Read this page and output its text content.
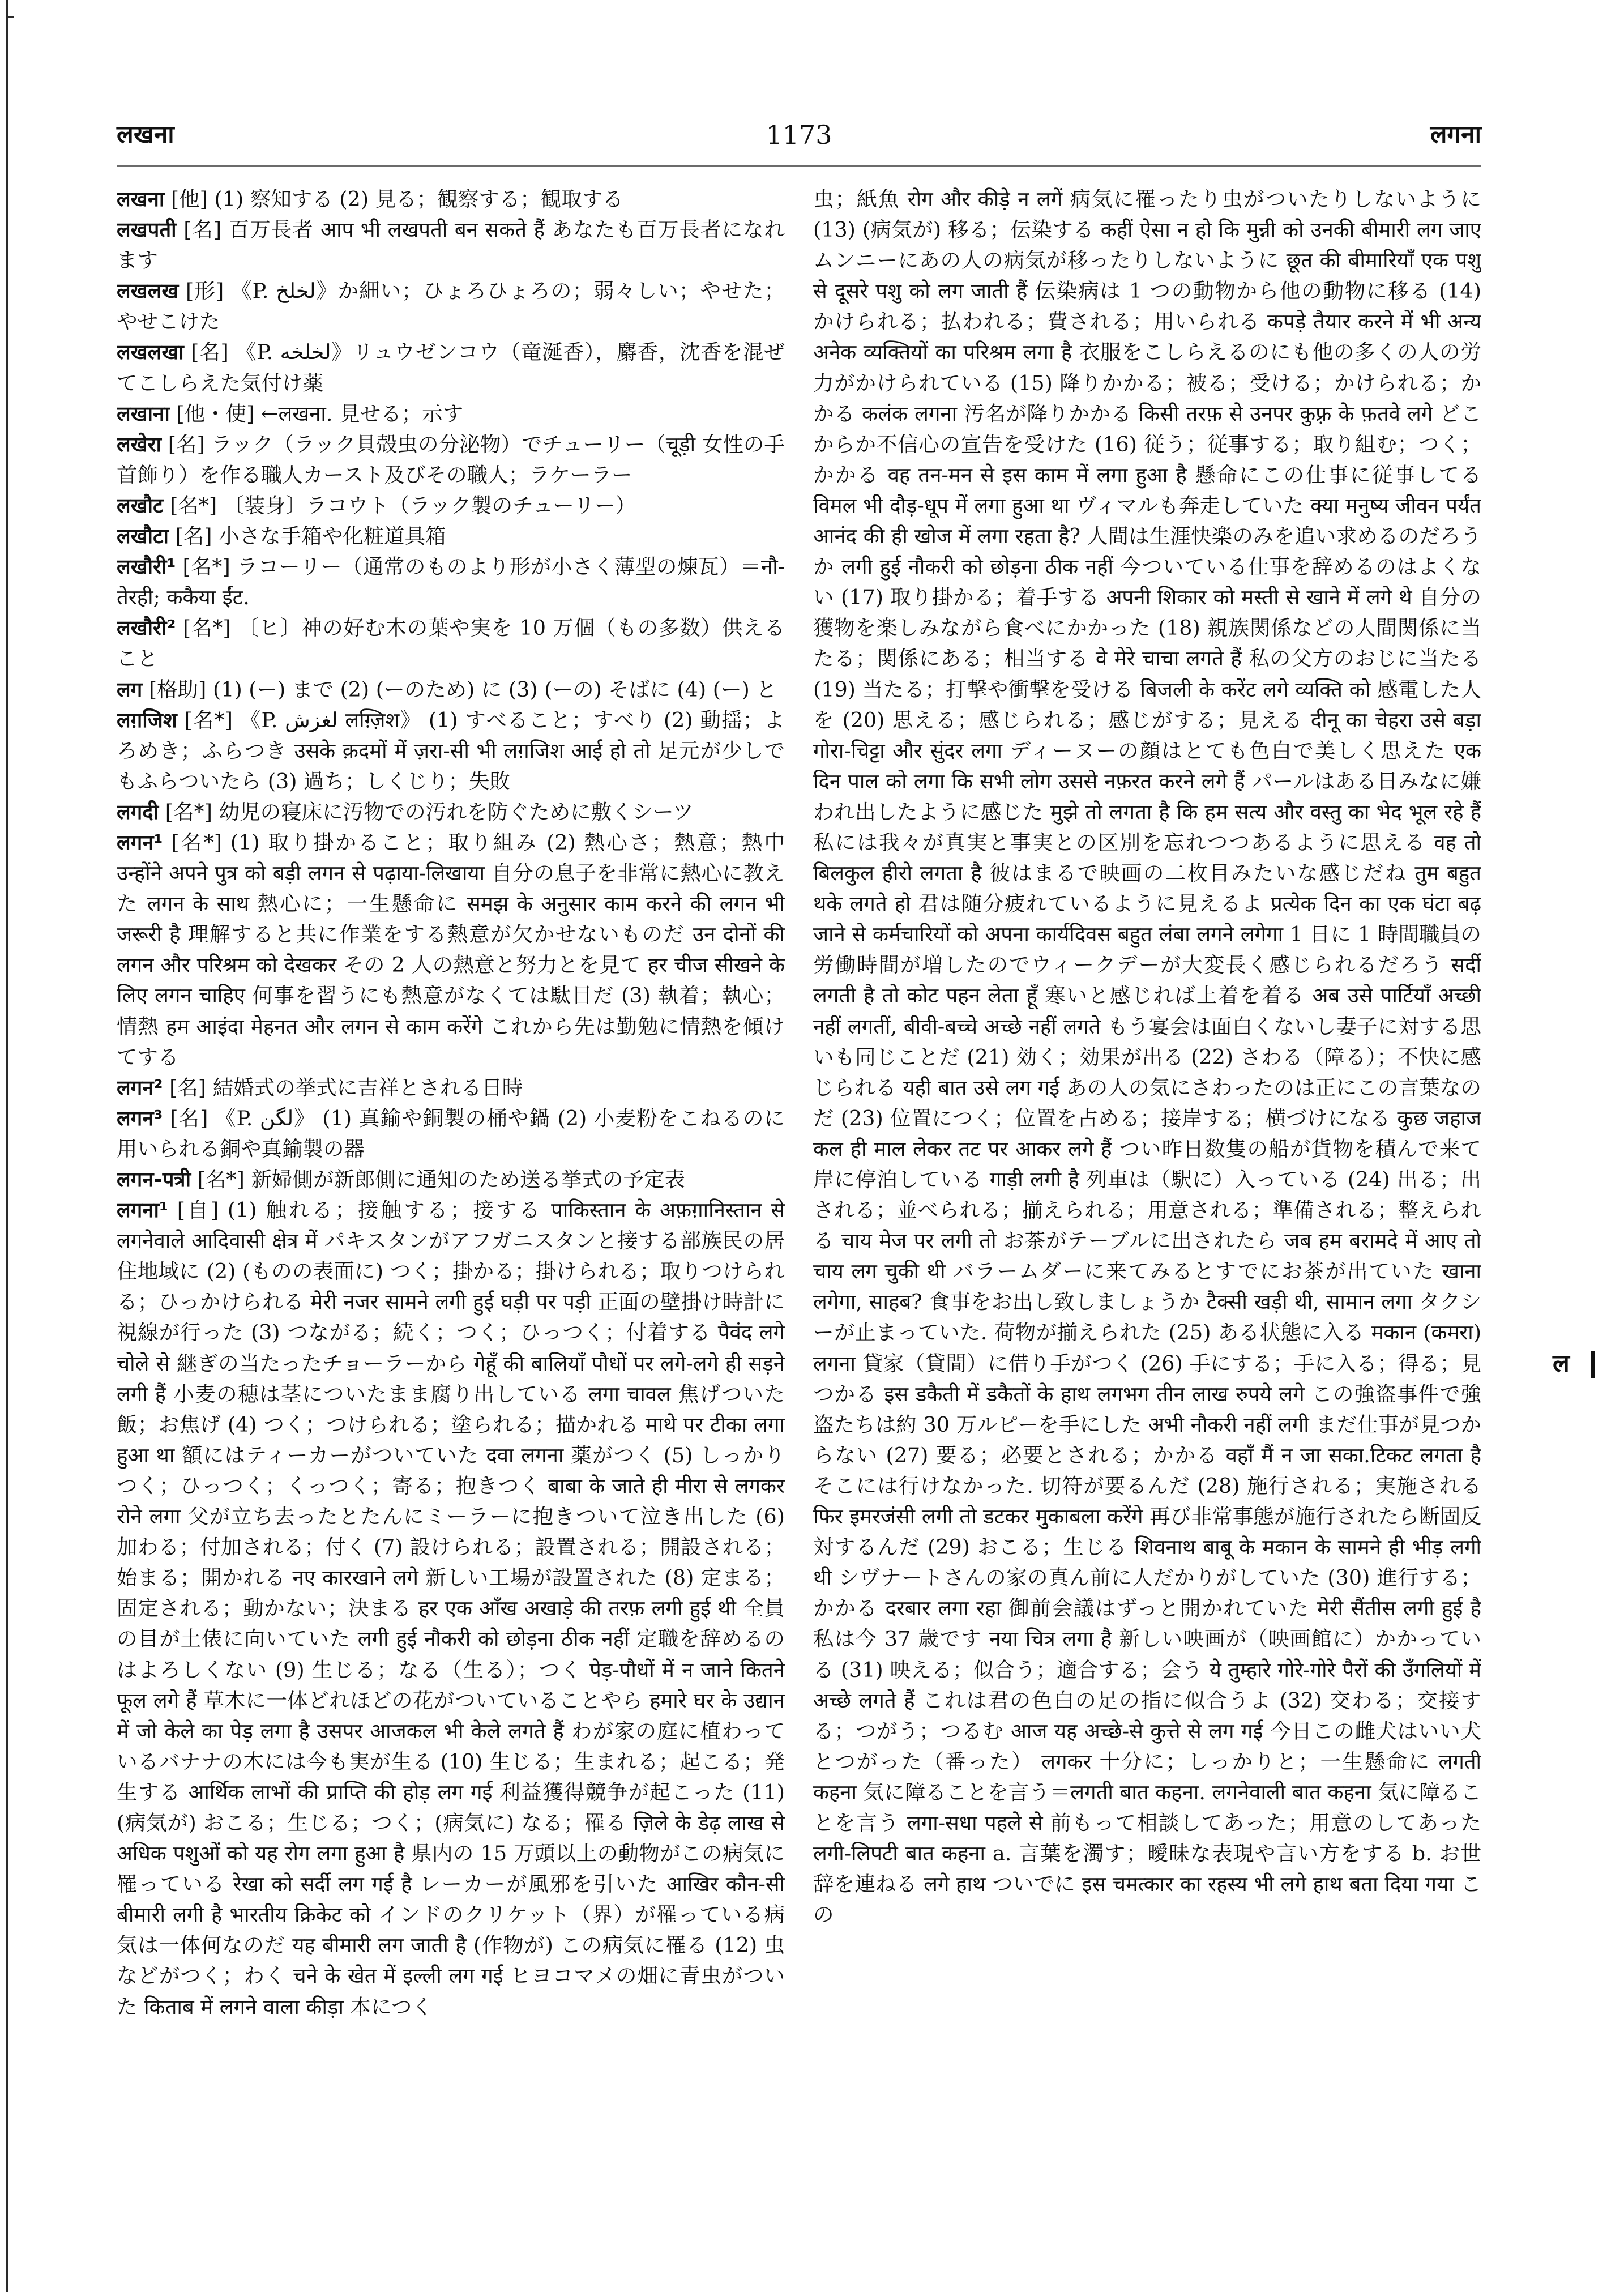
लखना	1173	लगना
लखना [他] (1) 察知する (2) 見る；観察する；観取する
लखपती [名] 百万長者 आप भी लखपती बन सकते हैं あなたも百万長者になれます
लखलख [形] 《P. لخلخ》か細い；ひょろひょろの；弱々しい；やせた；やせこけた
लखलखा [名] 《P. لخلخه》リュウゼンコウ（竜涎香），麝香，沈香を混ぜてこしらえた気付け薬
लखाना [他・使] ←लखना. 見せる；示す
लखेरा [名] ラック（ラック貝殻虫の分泌物）でチューリー（चूड़ी 女性の手首飾り）を作る職人カースト及びその職人；ラケーラー
लखौट [名*] 〔装身〕ラコウト（ラック製のチューリー）
लखौटा [名] 小さな手箱や化粧道具箱
लखौरी¹ [名*] ラコーリー（通常のものより形が小さく薄型の煉瓦）＝नौ-तेरही; ककैया ईंट.
लखौरी² [名*] 〔ヒ〕神の好む木の葉や実を 10 万個（もの多数）供えること
लग [格助] (1) (ー) まで (2) (ーのため) に (3) (ーの) そばに (4) (ー) と
लग़जिश [名*] 《P. لغزش लग़्ज़िश》 (1) すべること；すべり (2) 動揺；よろめき；ふらつき उसके क़दमों में ज़रा-सी भी लग़जिश आई हो तो 足元が少しでもふらついたら (3) 過ち；しくじり；失敗
लगदी [名*] 幼児の寝床に汚物での汚れを防ぐために敷くシーツ
लगन¹ [名*] (1) 取り掛かること；取り組み (2) 熱心さ；熱意；熱中 उन्होंने अपने पुत्र को बड़ी लगन से पढ़ाया-लिखाया 自分の息子を非常に熱心に教えた लगन के साथ 熱心に；一生懸命に समझ के अनुसार काम करने की लगन भी जरूरी है 理解すると共に作業をする熱意が欠かせないものだ उन दोनों की लगन और परिश्रम को देखकर その 2 人の熱意と努力とを見て हर चीज सीखने के लिए लगन चाहिए 何事を習うにも熱意がなくては駄目だ (3) 執着；執心；情熱 हम आइंदा मेहनत और लगन से काम करेंगे これから先は勤勉に情熱を傾けてする
लगन² [名] 結婚式の挙式に吉祥とされる日時
लगन³ [名] 《P. لگن》 (1) 真鍮や銅製の桶や鍋 (2) 小麦粉をこねるのに用いられる銅や真鍮製の器
लगन-पत्री [名*] 新婦側が新郎側に通知のため送る挙式の予定表
लगना¹ [自] (1) 触れる；接触する；接する पाकिस्तान के अफ़ग़ानिस्तान से लगनेवाले आदिवासी क्षेत्र में パキスタンがアフガニスタンと接する部族民の居住地域に (2) (ものの表面に) つく；掛かる；掛けられる；取りつけられる；ひっかけられる मेरी नजर सामने लगी हुई घड़ी पर पड़ी 正面の壁掛け時計に視線が行った (3) つながる；続く；つく；ひっつく；付着する पैवंद लगे चोले से 継ぎの当たったチョーラーから गेहूँ की बालियाँ पौधों पर लगे-लगे ही सड़ने लगी हैं 小麦の穂は茎についたまま腐り出している लगा चावल 焦げついた飯；お焦げ (4) つく；つけられる；塗られる；描かれる माथे पर टीका लगा हुआ था 額にはティーカーがついていた दवा लगना 薬がつく (5) しっかりつく；ひっつく；くっつく；寄る；抱きつく बाबा के जाते ही मीरा से लगकर रोने लगा 父が立ち去ったとたんにミーラーに抱きついて泣き出した (6) 加わる；付加される；付く (7) 設けられる；設置される；開設される；始まる；開かれる नए कारखाने लगे 新しい工場が設置された (8) 定まる；固定される；動かない；決まる हर एक आँख अखाड़े की तरफ़ लगी हुई थी 全員の目が土俵に向いていた लगी हुई नौकरी को छोड़ना ठीक नहीं 定職を辞めるのはよろしくない (9) 生じる；なる（生る）；つく पेड़-पौधों में न जाने कितने फूल लगे हैं 草木に一体どれほどの花がついていることやら हमारे घर के उद्यान में जो केले का पेड़ लगा है उसपर आजकल भी केले लगते हैं わが家の庭に植わっているバナナの木には今も実が生る (10) 生じる；生まれる；起こる；発生する आर्थिक लाभों की प्राप्ति की होड़ लग गई 利益獲得競争が起こった (11) (病気が) おこる；生じる；つく；(病気に) なる；罹る ज़िले के डेढ़ लाख से अधिक पशुओं को यह रोग लगा हुआ है 県内の 15 万頭以上の動物がこの病気に罹っている रेखा को सर्दी लग गई है レーカーが風邪を引いた आखिर कौन-सी बीमारी लगी है भारतीय क्रिकेट को インドのクリケット（界）が罹っている病気は一体何なのだ यह बीमारी लग जाती है (作物が) この病気に罹る (12) 虫などがつく；わく चने के खेत में इल्ली लग गई ヒヨコマメの畑に青虫がついた किताब में लगने वाला कीड़ा 本につく
虫；紙魚 रोग और कीड़े न लगें 病気に罹ったり虫がついたりしないように (13) (病気が) 移る；伝染する कहीं ऐसा न हो कि मुन्नी को उनकी बीमारी लग जाए ムンニーにあの人の病気が移ったりしないように छूत की बीमारियाँ एक पशु से दूसरे पशु को लग जाती हैं 伝染病は 1 つの動物から他の動物に移る (14) かけられる；払われる；費される；用いられる कपड़े तैयार करने में भी अन्य अनेक व्यक्तियों का परिश्रम लगा है 衣服をこしらえるのにも他の多くの人の労力がかけられている (15) 降りかかる；被る；受ける；かけられる；かかる कलंक लगना 汚名が降りかかる किसी तरफ़ से उनपर कुफ़्र के फ़तवे लगे どこからか不信心の宣告を受けた (16) 従う；従事する；取り組む；つく；かかる वह तन-मन से इस काम में लगा हुआ है 懸命にこの仕事に従事してる विमल भी दौड़-धूप में लगा हुआ था ヴィマルも奔走していた क्या मनुष्य जीवन पर्यंत आनंद की ही खोज में लगा रहता है? 人間は生涯快楽のみを追い求めるのだろうか लगी हुई नौकरी को छोड़ना ठीक नहीं 今ついている仕事を辞めるのはよくない (17) 取り掛かる；着手する अपनी शिकार को मस्ती से खाने में लगे थे 自分の獲物を楽しみながら食べにかかった (18) 親族関係などの人間関係に当たる；関係にある；相当する वे मेरे चाचा लगते हैं 私の父方のおじに当たる (19) 当たる；打撃や衝撃を受ける बिजली के करेंट लगे व्यक्ति को 感電した人を (20) 思える；感じられる；感じがする；見える दीनू का चेहरा उसे बड़ा गोरा-चिट्टा और सुंदर लगा ディーヌーの顔はとても色白で美しく思えた एक दिन पाल को लगा कि सभी लोग उससे नफ़रत करने लगे हैं パールはある日みなに嫌われ出したように感じた मुझे तो लगता है कि हम सत्य और वस्तु का भेद भूल रहे हैं 私には我々が真実と事実との区別を忘れつつあるように思える वह तो बिलकुल हीरो लगता है 彼はまるで映画の二枚目みたいな感じだね तुम बहुत थके लगते हो 君は随分疲れているように見えるよ प्रत्येक दिन का एक घंटा बढ़ जाने से कर्मचारियों को अपना कार्यदिवस बहुत लंबा लगने लगेगा 1 日に 1 時間職員の労働時間が増したのでウィークデーが大変長く感じられるだろう सर्दी लगती है तो कोट पहन लेता हूँ 寒いと感じれば上着を着る अब उसे पार्टियाँ अच्छी नहीं लगतीं, बीवी-बच्चे अच्छे नहीं लगते もう宴会は面白くないし妻子に対する思いも同じことだ (21) 効く；効果が出る (22) さわる（障る）；不快に感じられる यही बात उसे लग गई あの人の気にさわったのは正にこの言葉なのだ (23) 位置につく；位置を占める；接岸する；横づけになる कुछ जहाज कल ही माल लेकर तट पर आकर लगे हैं つい昨日数隻の船が貨物を積んで来て岸に停泊している गाड़ी लगी है 列車は（駅に）入っている (24) 出る；出される；並べられる；揃えられる；用意される；準備される；整えられる चाय मेज पर लगी तो お茶がテーブルに出されたら जब हम बरामदे में आए तो चाय लग चुकी थी バラームダーに来てみるとすでにお茶が出ていた खाना लगेगा, साहब? 食事をお出し致しましょうか टैक्सी खड़ी थी, सामान लगा タクシーが止まっていた. 荷物が揃えられた (25) ある状態に入る मकान (कमरा) लगना 貸家（貸間）に借り手がつく (26) 手にする；手に入る；得る；見つかる इस डकैती में डकैतों के हाथ लगभग तीन लाख रुपये लगे この強盗事件で強盗たちは約 30 万ルピーを手にした अभी नौकरी नहीं लगी まだ仕事が見つからない (27) 要る；必要とされる；かかる वहाँ मैं न जा सका.टिकट लगता है そこには行けなかった. 切符が要るんだ (28) 施行される；実施される फिर इमरजंसी लगी तो डटकर मुकाबला करेंगे 再び非常事態が施行されたら断固反対するんだ (29) おこる；生じる शिवनाथ बाबू के मकान के सामने ही भीड़ लगी थी シヴナートさんの家の真ん前に人だかりがしていた (30) 進行する；かかる दरबार लगा रहा 御前会議はずっと開かれていた मेरी सैंतीस लगी हुई है 私は今 37 歳です नया चित्र लगा है 新しい映画が（映画館に）かかっている (31) 映える；似合う；適合する；会う ये तुम्हारे गोरे-गोरे पैरों की उँगलियों में अच्छे लगते हैं これは君の色白の足の指に似合うよ (32) 交わる；交接する；つがう；つるむ आज यह अच्छे-से कुत्ते से लग गई 今日この雌犬はいい犬とつがった（番った） लगकर 十分に；しっかりと；一生懸命に लगती कहना 気に障ることを言う＝लगती बात कहना. लगनेवाली बात कहना 気に障ることを言う लगा-सधा पहले से 前もって相談してあった；用意のしてあった लगी-लिपटी बात कहना a. 言葉を濁す；曖昧な表現や言い方をする b. お世辞を連ねる लगे हाथ ついでに इस चमत्कार का रहस्य भी लगे हाथ बता दिया गया この
ल
